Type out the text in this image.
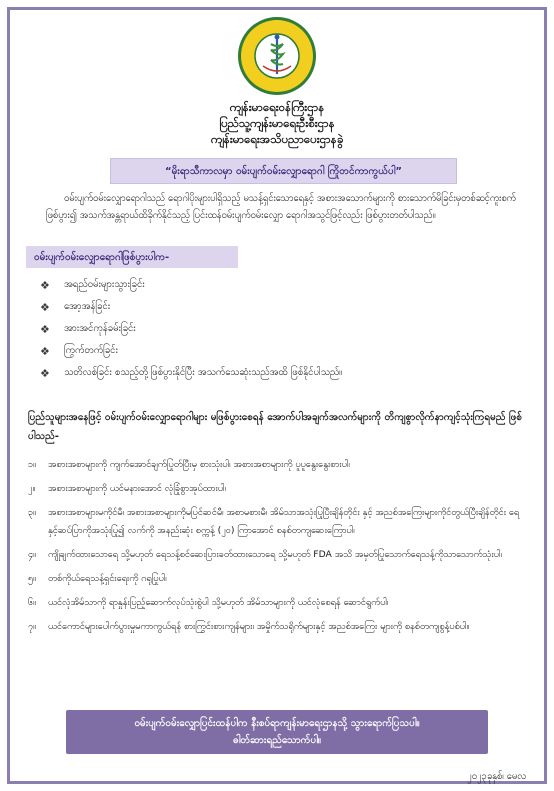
ကျန်းမာရေးဝန်ကြီးဌာန
ပြည်သူ့ကျန်းမာရေးဦးစီးဌာန
ကျန်းမာရေးအသိပညာပေးဌာနခွဲ
“မိုးရာသီကာလမှာ ဝမ်းပျက်ဝမ်းလျှောရောဂါ ကြိုတင်ကာကွယ်ပါ”
ဝမ်းပျက်ဝမ်းလျှောရောဂါသည် ရောဂါပိုးများပါရှိသည့် မသန့်ရှင်းသောရေနှင့် အစားအသောက်များကို စားသောက်မိခြင်းမှတစ်ဆင့်ကူးစက်ဖြစ်ပွား၍ အသက်အန္တရာယ်ထိခိုက်နိုင်သည့် ပြင်းထန်ဝမ်းပျက်ဝမ်းလျှော ရောဂါအသွင်ဖြင့်လည်း ဖြစ်ပွားတတ်ပါသည်။
ဝမ်းပျက်ဝမ်းလျှောရောဂါဖြစ်ပွားပါက-
❖	အရည်ဝမ်းများသွားခြင်း
❖	အော့အန်ခြင်း
❖	အားအင်ကုန်ခမ်းခြင်း
❖	ကြွက်တက်ခြင်း
❖	သတိလစ်ခြင်း စသည့်တို့ဖြစ်ပွားနိုင်ပြီး အသက်သေဆုံးသည်အထိ ဖြစ်နိုင်ပါသည်။
ပြည်သူများအနေဖြင့် ဝမ်းပျက်ဝမ်းလျှောရောဂါများ မဖြစ်ပွားစေရန် အောက်ပါအချက်အလက်များကို တိကျစွာလိုက်နာကျင့်သုံးကြရမည် ဖြစ်ပါသည်-
၁။	အစားအစာများကို ကျက်အောင်ချက်ပြုတ်ပြီးမှ စားသုံးပါ၊ အစားအစာများကို ပူပူနွေးနွေးစားပါ၊
၂။	အစားအစာများကို ယင်မနားအောင် လုံခြုံစွာအုပ်ထားပါ၊
၃။	အစားအစာများမကိုင်မီ၊ အစားအစာများကိုမပြင်ဆင်မီ၊ အစာမစားမီ၊ အိမ်သာအသုံးပြုပြီးချိန်တိုင်း နှင့် အညစ်အကြေးများကိုင်တွယ်ပြီးချိန်တိုင်း ရေနှင့်ဆပ်ပြာကိုအသုံးပြု၍ လက်ကို အနည်းဆုံး စက္ကန့် (၂၀) ကြာအောင် စနစ်တကျဆေးကြောပါ၊
၄။	ကျိုချက်ထားသောရေ သို့မဟုတ် ရေသန့်စင်ဆေးပြားခတ်ထားသောရေ သို့မဟုတ် FDA အသိ အမှတ်ပြုသောက်ရေသန့်ကိုသာသောက်သုံးပါ၊
၅။	တစ်ကိုယ်ရေသန့်ရှင်းရေးကို ဂရုပြုပါ၊
၆။	ယင်လုံအိမ်သာကို ရာနှုန်းပြည့်ဆောက်လုပ်သုံးစွဲပါ သို့မဟုတ် အိမ်သာများကို ယင်လုံစေရန် ဆောင်ရွက်ပါ၊
၇။	ယင်ကောင်များပေါက်ပွားမှုမကာကွယ်ရန် စားကြွင်းစားကျန်များ၊ အမှိုက်သရိုက်များနှင့် အညစ်အကြေး များကို စနစ်တကျစွန့်ပစ်ပါ။
ဝမ်းပျက်ဝမ်းလျှောပြင်းထန်ပါက နီးစပ်ရာကျန်းမာရေးဌာနသို့ သွားရောက်ပြသပါ။
ဓါတ်ဆားရည်သောက်ပါ။
၂၀၂၃ခုနှစ်၊ မေလ
